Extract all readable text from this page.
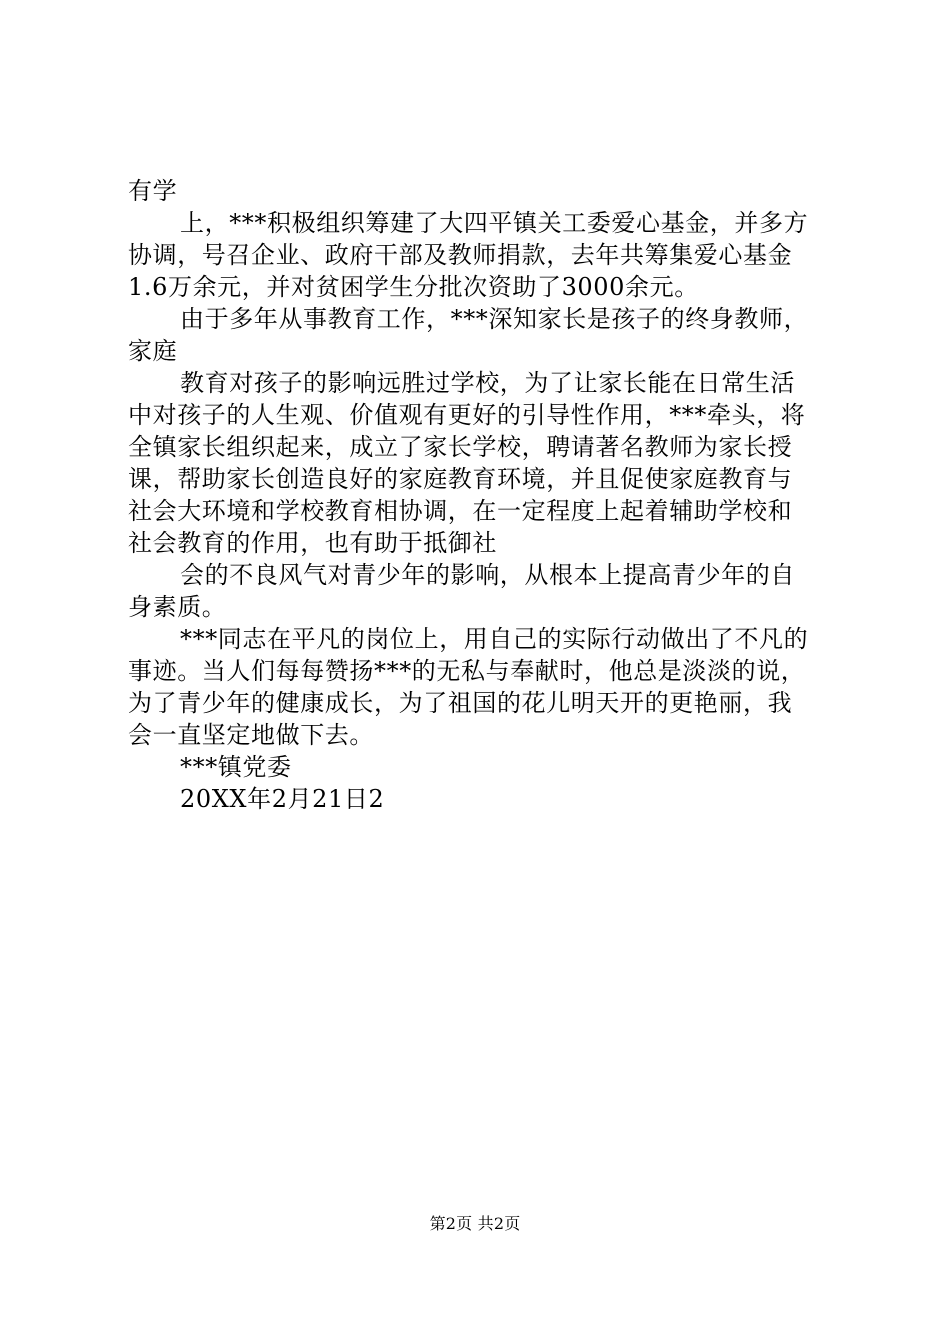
有学
上，***积极组织筹建了大四平镇关工委爱心基金，并多方
协调，号召企业、政府干部及教师捐款，去年共筹集爱心基金
1.6万余元，并对贫困学生分批次资助了3000余元。
由于多年从事教育工作，***深知家长是孩子的终身教师，
家庭
教育对孩子的影响远胜过学校，为了让家长能在日常生活
中对孩子的人生观、价值观有更好的引导性作用，***牵头，将
全镇家长组织起来，成立了家长学校，聘请著名教师为家长授
课，帮助家长创造良好的家庭教育环境，并且促使家庭教育与
社会大环境和学校教育相协调，在一定程度上起着辅助学校和
社会教育的作用，也有助于抵御社
会的不良风气对青少年的影响，从根本上提高青少年的自
身素质。
***同志在平凡的岗位上，用自己的实际行动做出了不凡的
事迹。当人们每每赞扬***的无私与奉献时，他总是淡淡的说，
为了青少年的健康成长，为了祖国的花儿明天开的更艳丽，我
会一直坚定地做下去。
***镇党委
20XX年2月21日2
第2页 共2页
